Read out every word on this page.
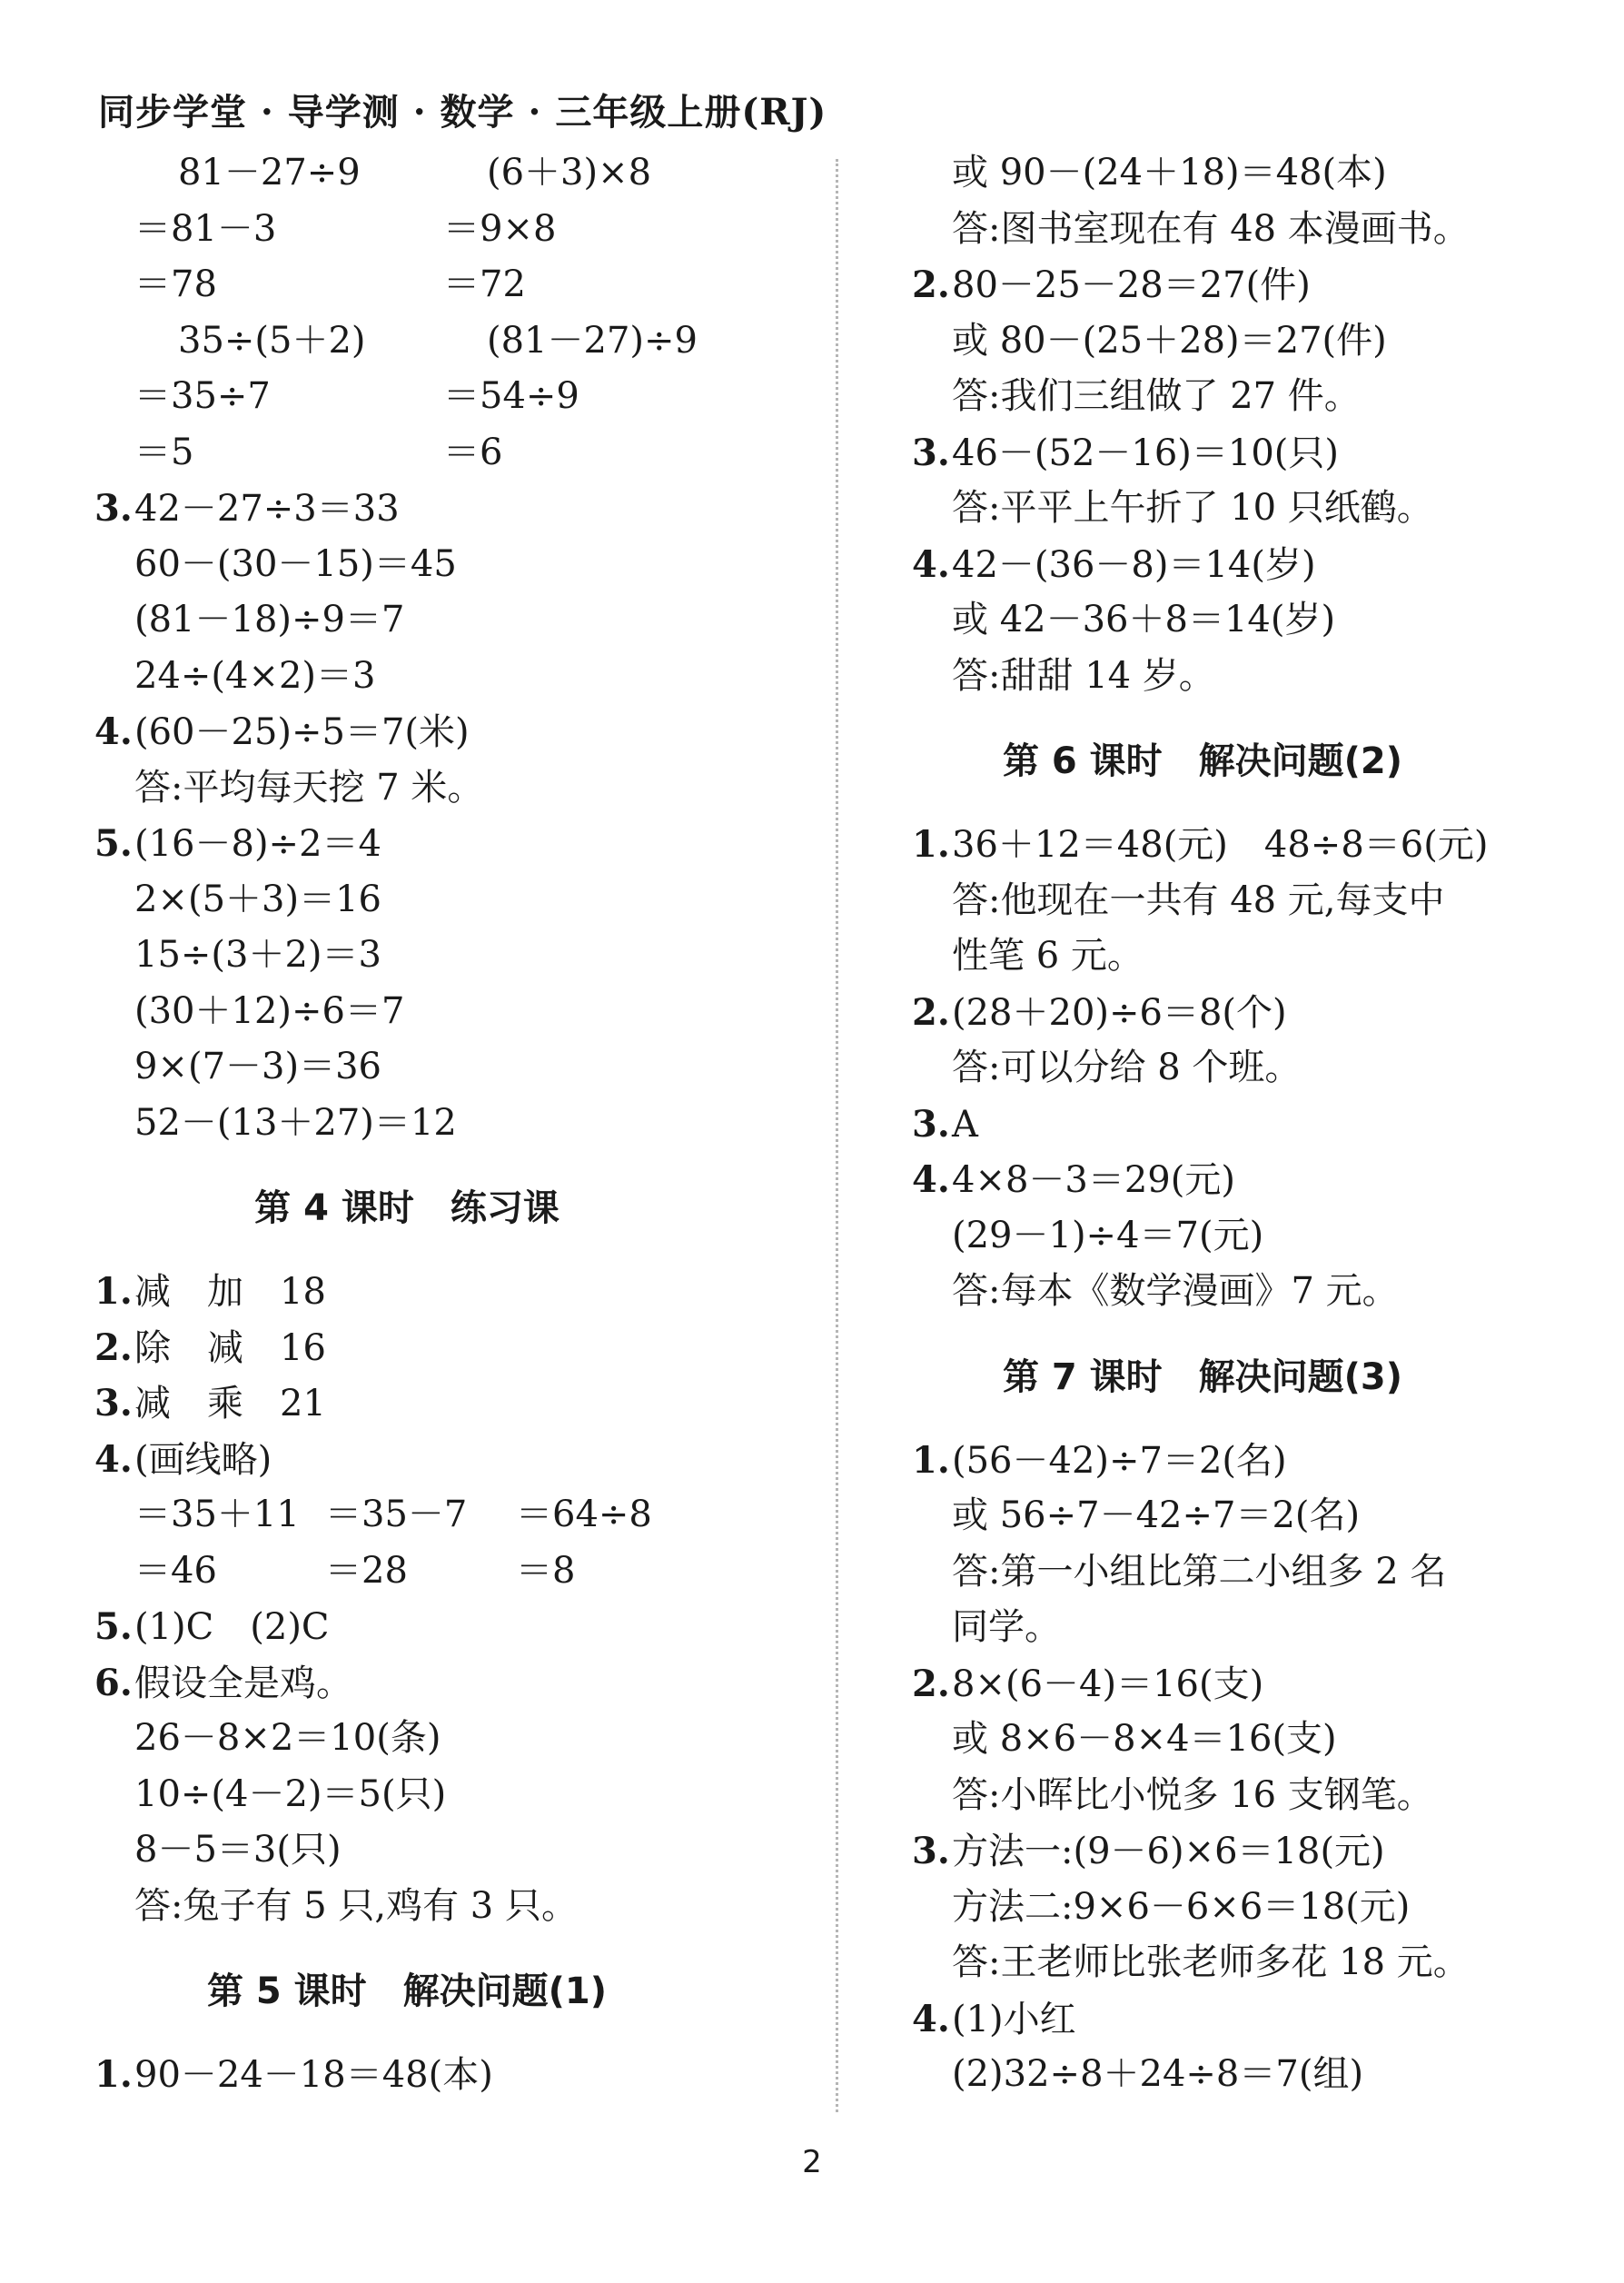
同步学堂 · 导学测 · 数学 · 三年级上册(RJ)
81－27÷9	(6＋3)×8
＝81－3	＝9×8
＝78	＝72
35÷(5＋2)	(81－27)÷9
＝35÷7	＝54÷9
＝5	＝6
3.42－27÷3＝33
60－(30－15)＝45
(81－18)÷9＝7
24÷(4×2)＝3
4.(60－25)÷5＝7(米)
答:平均每天挖 7 米。
5.(16－8)÷2＝4
2×(5＋3)＝16
15÷(3＋2)＝3
(30＋12)÷6＝7
9×(7－3)＝36
52－(13＋27)＝12
第 4 课时　练习课
1.减　加　18
2.除　减　16
3.减　乘　21
4.(画线略)
＝35＋11 ＝35－7 ＝64÷8
＝46	＝28	＝8
5.(1)C　(2)C
6.假设全是鸡。
26－8×2＝10(条)
10÷(4－2)＝5(只)
8－5＝3(只)
答:兔子有 5 只,鸡有 3 只。
第 5 课时　解决问题(1)
1.90－24－18＝48(本)
或 90－(24＋18)＝48(本)
答:图书室现在有 48 本漫画书。
2.80－25－28＝27(件)
或 80－(25＋28)＝27(件)
答:我们三组做了 27 件。
3.46－(52－16)＝10(只)
答:平平上午折了 10 只纸鹤。
4.42－(36－8)＝14(岁)
或 42－36＋8＝14(岁)
答:甜甜 14 岁。
第 6 课时　解决问题(2)
1.36＋12＝48(元)　48÷8＝6(元)
答:他现在一共有 48 元,每支中
性笔 6 元。
2.(28＋20)÷6＝8(个)
答:可以分给 8 个班。
3.A
4.4×8－3＝29(元)
(29－1)÷4＝7(元)
答:每本《数学漫画》7 元。
第 7 课时　解决问题(3)
1.(56－42)÷7＝2(名)
或 56÷7－42÷7＝2(名)
答:第一小组比第二小组多 2 名
同学。
2.8×(6－4)＝16(支)
或 8×6－8×4＝16(支)
答:小晖比小悦多 16 支钢笔。
3.方法一:(9－6)×6＝18(元)
方法二:9×6－6×6＝18(元)
答:王老师比张老师多花 18 元。
4.(1)小红
(2)32÷8＋24÷8＝7(组)
2
